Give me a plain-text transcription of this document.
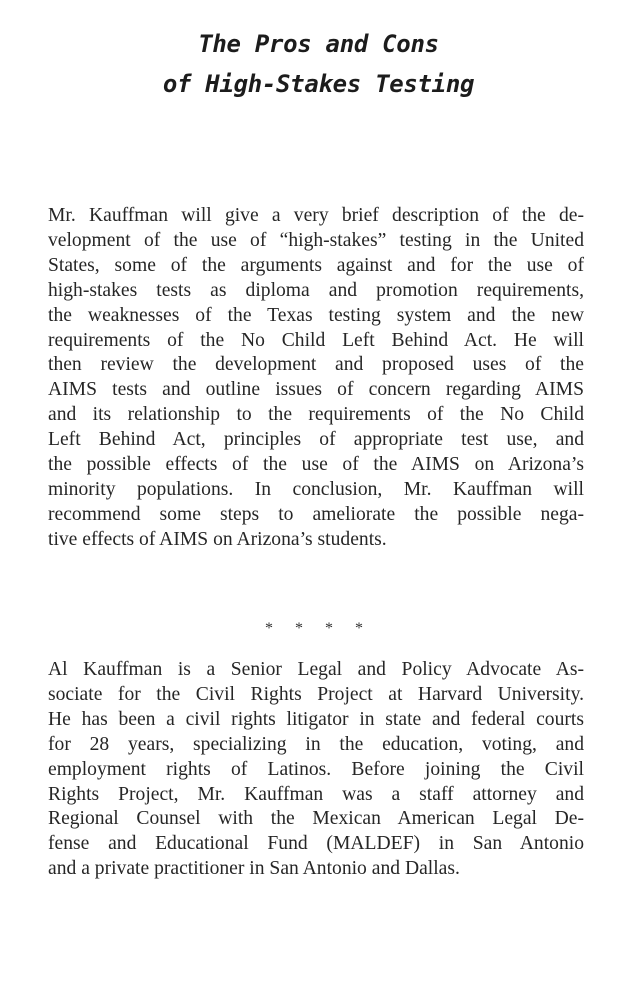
The Pros and Cons
of High-Stakes Testing
Mr. Kauffman will give a very brief description of the de-
velopment of the use of “high-stakes” testing in the United
States, some of the arguments against and for the use of
high-stakes tests as diploma and promotion requirements,
the weaknesses of the Texas testing system and the new
requirements of the No Child Left Behind Act. He will
then review the development and proposed uses of the
AIMS tests and outline issues of concern regarding AIMS
and its relationship to the requirements of the No Child
Left Behind Act, principles of appropriate test use, and
the possible effects of the use of the AIMS on Arizona’s
minority populations. In conclusion, Mr. Kauffman will
recommend some steps to ameliorate the possible nega-
tive effects of AIMS on Arizona’s students.
* * * *
Al Kauffman is a Senior Legal and Policy Advocate As-
sociate for the Civil Rights Project at Harvard University.
He has been a civil rights litigator in state and federal courts
for 28 years, specializing in the education, voting, and
employment rights of Latinos. Before joining the Civil
Rights Project, Mr. Kauffman was a staff attorney and
Regional Counsel with the Mexican American Legal De-
fense and Educational Fund (MALDEF) in San Antonio
and a private practitioner in San Antonio and Dallas.
